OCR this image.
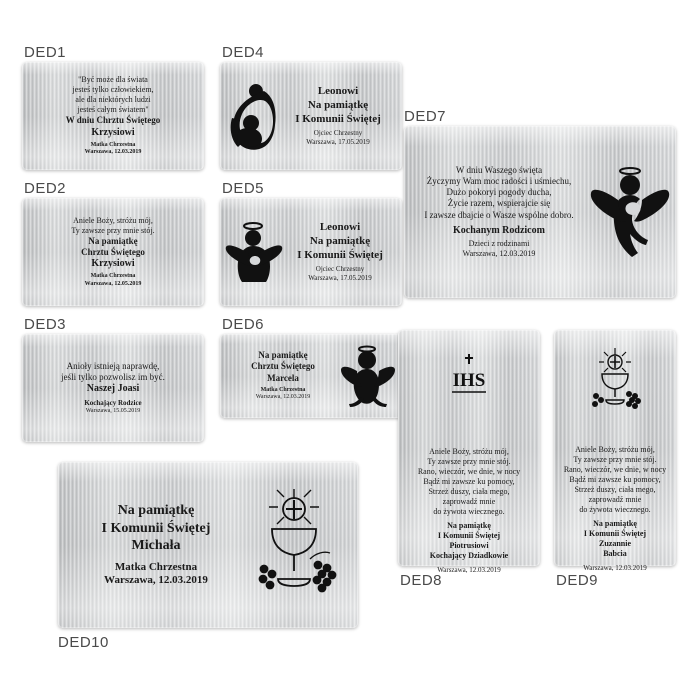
DED1
DED2
DED3
DED4
DED5
DED6
DED7
DED8	DED9
DED10
"Być może dla świata
jesteś tylko człowiekiem,
ale dla niektórych ludzi
jesteś całym światem"
W dniu Chrztu Świętego
Krzysiowi

Matka Chrzestna
Warszawa, 12.03.2019
Aniele Boży, stróżu mój,
Ty zawsze przy mnie stój.
Na pamiątkę
Chrztu Świętego
Krzysiowi

Matka Chrzestna
Warszawa, 12.05.2019
Anioły istnieją naprawdę,
jeśli tylko pozwolisz im być.
Naszej Joasi

Kochający Rodzice
Warszawa, 15.05.2019
Leonowi
Na pamiątkę
I Komunii Świętej

Ojciec Chrzestny
Warszawa, 17.05.2019
Leonowi
Na pamiątkę
I Komunii Świętej

Ojciec Chrzestny
Warszawa, 17.05.2019
Na pamiątkę
Chrztu Świętego
Marcela

Matka Chrzestna
Warszawa, 12.03.2019
W dniu Waszego święta
Życzymy Wam moc radości i uśmiechu,
Dużo pokoryi pogody ducha,
Życie razem, wspierajcie się
I zawsze dbajcie o Wasze wspólne dobro.

Kochanym Rodzicom

Dzieci z rodzinami
Warszawa, 12.03.2019
IHS
Aniele Boży, stróżu mój,
Ty zawsze przy mnie stój.
Rano, wieczór, we dnie, w nocy
Bądź mi zawsze ku pomocy,
Strzeż duszy, ciała mego,
zaprowadź mnie
do żywota wiecznego.

Na pamiątkę
I Komunii Świętej
Piotrusiowi
Kochający Dziadkowie

Warszawa, 12.03.2019
Aniele Boży, stróżu mój,
Ty zawsze przy mnie stój.
Rano, wieczór, we dnie, w nocy
Bądź mi zawsze ku pomocy,
Strzeż duszy, ciała mego,
zaprowadź mnie
do żywota wiecznego.

Na pamiątkę
I Komunii Świętej
Zuzannie
Babcia

Warszawa, 12.03.2019
Na pamiątkę
I Komunii Świętej
Michała

Matka Chrzestna
Warszawa, 12.03.2019
